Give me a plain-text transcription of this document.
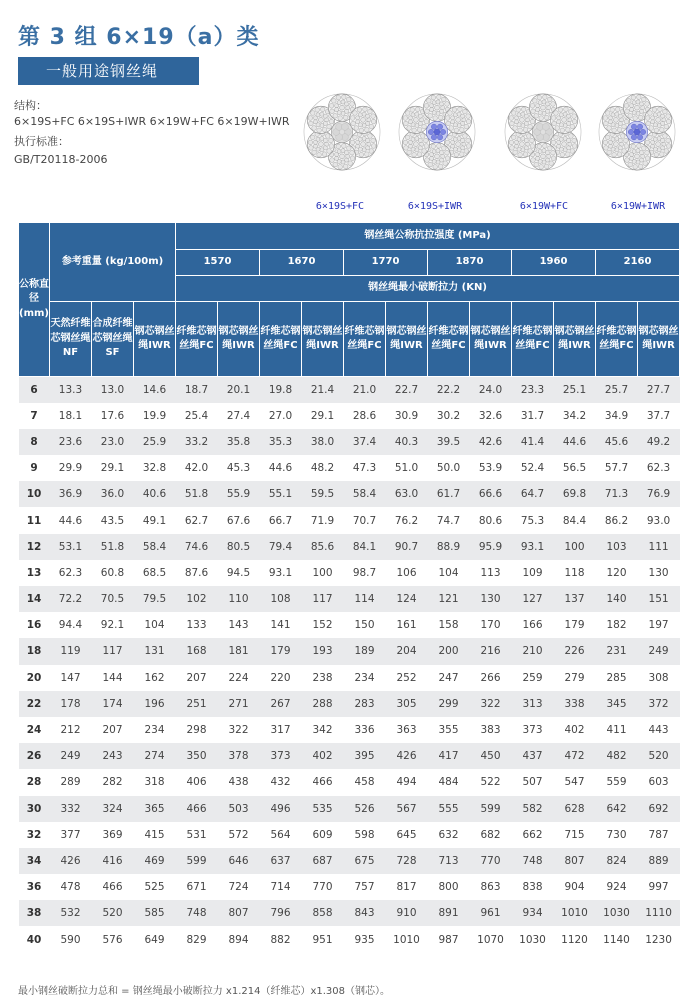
第 3 组 6×19（a）类
一般用途钢丝绳
结构：
6×19S+FC 6×19S+IWR 6×19W+FC 6×19W+IWR
执行标准：
GB/T20118-2006
6×19S+FC	6×19S+IWR	6×19W+FC	6×19W+IWR
公称直径(mm)	参考重量 (kg/100m)			钢丝绳公称抗拉强度 (MPa)											
				1570		1670		1770		1870		1960		2160	
				钢丝绳最小破断拉力 (KN)											
	天然纤维芯钢丝绳NF	合成纤维芯钢丝绳SF	钢芯钢丝绳IWR	纤维芯钢丝绳FC	钢芯钢丝绳IWR	纤维芯钢丝绳FC	钢芯钢丝绳IWR	纤维芯钢丝绳FC	钢芯钢丝绳IWR	纤维芯钢丝绳FC	钢芯钢丝绳IWR	纤维芯钢丝绳FC	钢芯钢丝绳IWR	纤维芯钢丝绳FC	钢芯钢丝绳IWR
6	13.3	13.0	14.6	18.7	20.1	19.8	21.4	21.0	22.7	22.2	24.0	23.3	25.1	25.7	27.7
7	18.1	17.6	19.9	25.4	27.4	27.0	29.1	28.6	30.9	30.2	32.6	31.7	34.2	34.9	37.7
8	23.6	23.0	25.9	33.2	35.8	35.3	38.0	37.4	40.3	39.5	42.6	41.4	44.6	45.6	49.2
9	29.9	29.1	32.8	42.0	45.3	44.6	48.2	47.3	51.0	50.0	53.9	52.4	56.5	57.7	62.3
10	36.9	36.0	40.6	51.8	55.9	55.1	59.5	58.4	63.0	61.7	66.6	64.7	69.8	71.3	76.9
11	44.6	43.5	49.1	62.7	67.6	66.7	71.9	70.7	76.2	74.7	80.6	75.3	84.4	86.2	93.0
12	53.1	51.8	58.4	74.6	80.5	79.4	85.6	84.1	90.7	88.9	95.9	93.1	100	103	111
13	62.3	60.8	68.5	87.6	94.5	93.1	100	98.7	106	104	113	109	118	120	130
14	72.2	70.5	79.5	102	110	108	117	114	124	121	130	127	137	140	151
16	94.4	92.1	104	133	143	141	152	150	161	158	170	166	179	182	197
18	119	117	131	168	181	179	193	189	204	200	216	210	226	231	249
20	147	144	162	207	224	220	238	234	252	247	266	259	279	285	308
22	178	174	196	251	271	267	288	283	305	299	322	313	338	345	372
24	212	207	234	298	322	317	342	336	363	355	383	373	402	411	443
26	249	243	274	350	378	373	402	395	426	417	450	437	472	482	520
28	289	282	318	406	438	432	466	458	494	484	522	507	547	559	603
30	332	324	365	466	503	496	535	526	567	555	599	582	628	642	692
32	377	369	415	531	572	564	609	598	645	632	682	662	715	730	787
34	426	416	469	599	646	637	687	675	728	713	770	748	807	824	889
36	478	466	525	671	724	714	770	757	817	800	863	838	904	924	997
38	532	520	585	748	807	796	858	843	910	891	961	934	1010	1030	1110
40	590	576	649	829	894	882	951	935	1010	987	1070	1030	1120	1140	1230
最小钢丝破断拉力总和 = 钢丝绳最小破断拉力 x1.214（纤维芯）x1.308（钢芯）。
